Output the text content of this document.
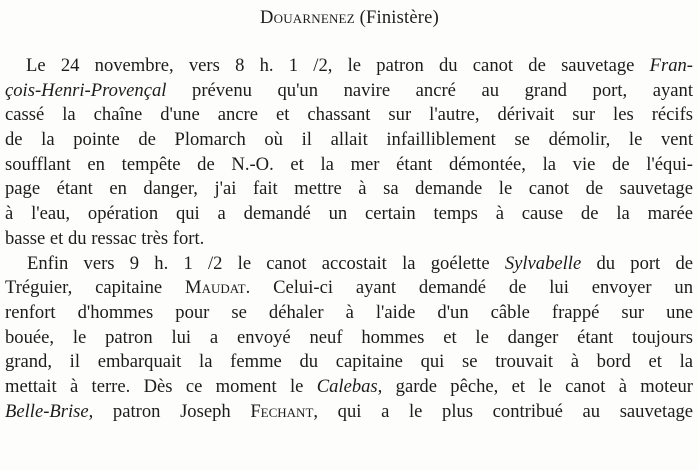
Douarnenez (Finistère)
Le 24 novembre, vers 8 h. 1 /2, le patron du canot de sauvetage Fran-
çois-Henri-Provençal prévenu qu'un navire ancré au grand port, ayant
cassé la chaîne d'une ancre et chassant sur l'autre, dérivait sur les récifs
de la pointe de Plomarch où il allait infailliblement se démolir, le vent
soufflant en tempête de N.-O. et la mer étant démontée, la vie de l'équi-
page étant en danger, j'ai fait mettre à sa demande le canot de sauvetage
à l'eau, opération qui a demandé un certain temps à cause de la marée
basse et du ressac très fort.
Enfin vers 9 h. 1 /2 le canot accostait la goélette Sylvabelle du port de
Tréguier, capitaine Maudat. Celui-ci ayant demandé de lui envoyer un
renfort d'hommes pour se déhaler à l'aide d'un câble frappé sur une
bouée, le patron lui a envoyé neuf hommes et le danger étant toujours
grand, il embarquait la femme du capitaine qui se trouvait à bord et la
mettait à terre. Dès ce moment le Calebas, garde pêche, et le canot à moteur
Belle-Brise, patron Joseph Fechant, qui a le plus contribué au sauvetage
